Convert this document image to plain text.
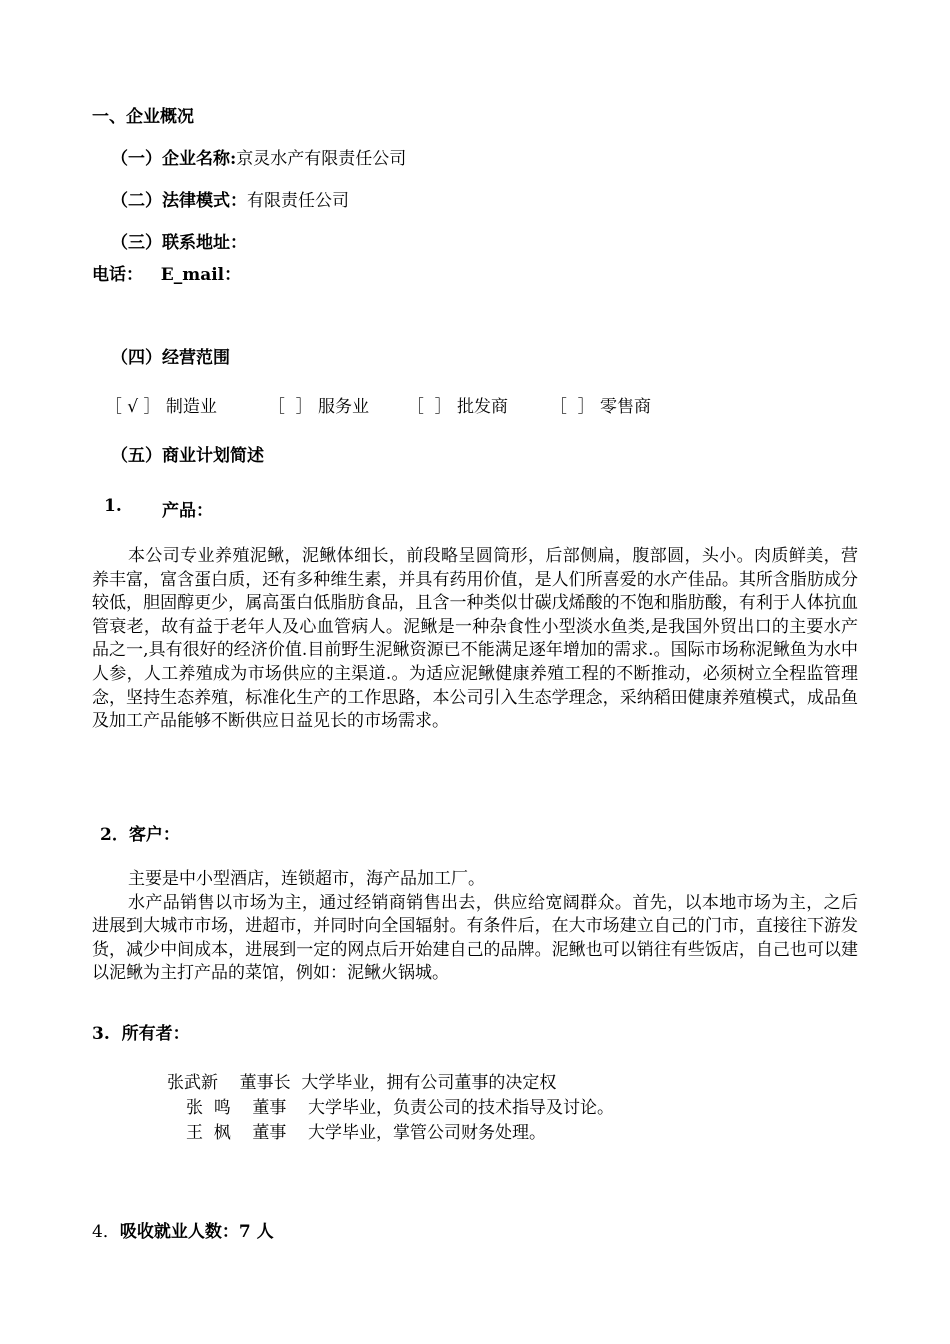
一、企业概况
（一）企业名称:京灵水产有限责任公司
（二）法律模式：有限责任公司
（三）联系地址：
电话：   E_mail：
（四）经营范围

［ √ ］ 制造业	［  ］ 服务业	［  ］ 批发商	［  ］ 零售商

（五）商业计划简述
1. 产品：

本公司专业养殖泥鳅，泥鳅体细长，前段略呈圆筒形，后部侧扁，腹部圆，头小。肉质鲜美，营养丰富，富含蛋白质，还有多种维生素，并具有药用价值，是人们所喜爱的水产佳品。其所含脂肪成分较低，胆固醇更少，属高蛋白低脂肪食品，且含一种类似廿碳戊烯酸的不饱和脂肪酸，有利于人体抗血管衰老，故有益于老年人及心血管病人。泥鳅是一种杂食性小型淡水鱼类,是我国外贸出口的主要水产品之一,具有很好的经济价值.目前野生泥鳅资源已不能满足逐年增加的需求.。国际市场称泥鳅鱼为水中人参，人工养殖成为市场供应的主渠道.。为适应泥鳅健康养殖工程的不断推动，必须树立全程监管理念，坚持生态养殖，标准化生产的工作思路，本公司引入生态学理念，采纳稻田健康养殖模式，成品鱼及加工产品能够不断供应日益见长的市场需求。

2．客户：

主要是中小型酒店，连锁超市，海产品加工厂。

水产品销售以市场为主，通过经销商销售出去，供应给宽阔群众。首先，以本地市场为主，之后进展到大城市市场，进超市，并同时向全国辐射。有条件后，在大市场建立自己的门市，直接往下游发货，减少中间成本，进展到一定的网点后开始建自己的品牌。泥鳅也可以销往有些饭店，自己也可以建以泥鳅为主打产品的菜馆，例如：泥鳅火锅城。

3.  所有者：
张武新    董事长  大学毕业，拥有公司董事的决定权
张  鸣    董事    大学毕业，负责公司的技术指导及讨论。
王  枫    董事    大学毕业，掌管公司财务处理。
4．吸收就业人数：7 人
